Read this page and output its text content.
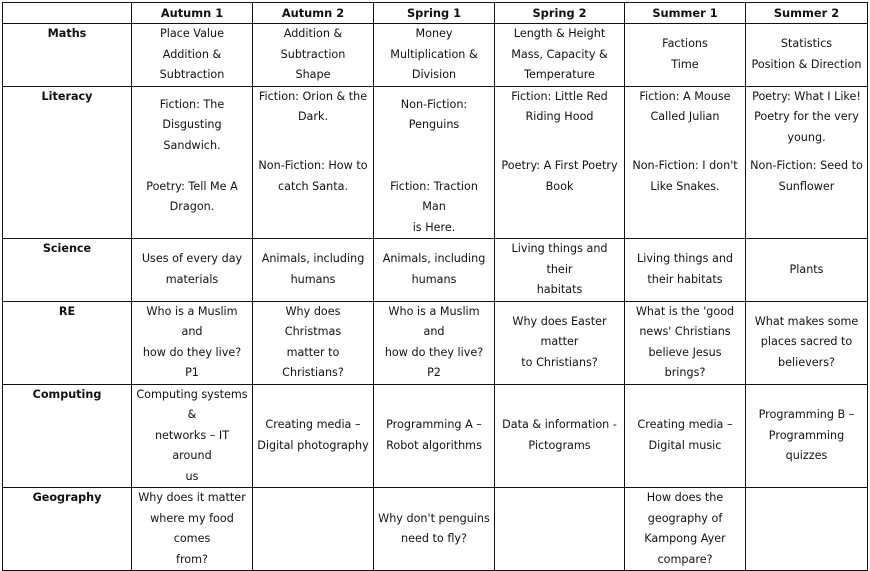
	Autumn 1	Autumn 2	Spring 1	Spring 2	Summer 1	Summer 2
Maths	Place Value
Addition &
Subtraction	Addition &
Subtraction
Shape	Money
Multiplication &
Division	Length & Height
Mass, Capacity &
Temperature	Factions
Time	Statistics
Position & Direction

Literacy	Fiction: The
Disgusting Sandwich.
Poetry: Tell Me A
Dragon.	Fiction: Orion & the
Dark.
Non-Fiction: How to
catch Santa.	Non-Fiction: Penguins
Fiction: Traction Man
is Here.	Fiction: Little Red
Riding Hood
Poetry: A First Poetry
Book	Fiction: A Mouse
Called Julian
Non-Fiction: I don't
Like Snakes.	Poetry: What I Like!
Poetry for the very
young.
Non-Fiction: Seed to
Sunflower

Science	Uses of every day
materials	Animals, including
humans	Animals, including
humans	Living things and their
habitats	Living things and
their habitats	Plants

RE	Who is a Muslim and
how do they live? P1	Why does Christmas
matter to Christians?	Who is a Muslim and
how do they live? P2	Why does Easter matter
to Christians?	What is the 'good
news' Christians
believe Jesus brings?	What makes some
places sacred to
believers?

Computing	Computing systems &
networks – IT around
us	Creating media –
Digital photography	Programming A –
Robot algorithms	Data & information -
Pictograms	Creating media –
Digital music	Programming B –
Programming quizzes

Geography	Why does it matter
where my food comes
from?		Why don't penguins
need to fly?		How does the
geography of
Kampong Ayer
compare?	
